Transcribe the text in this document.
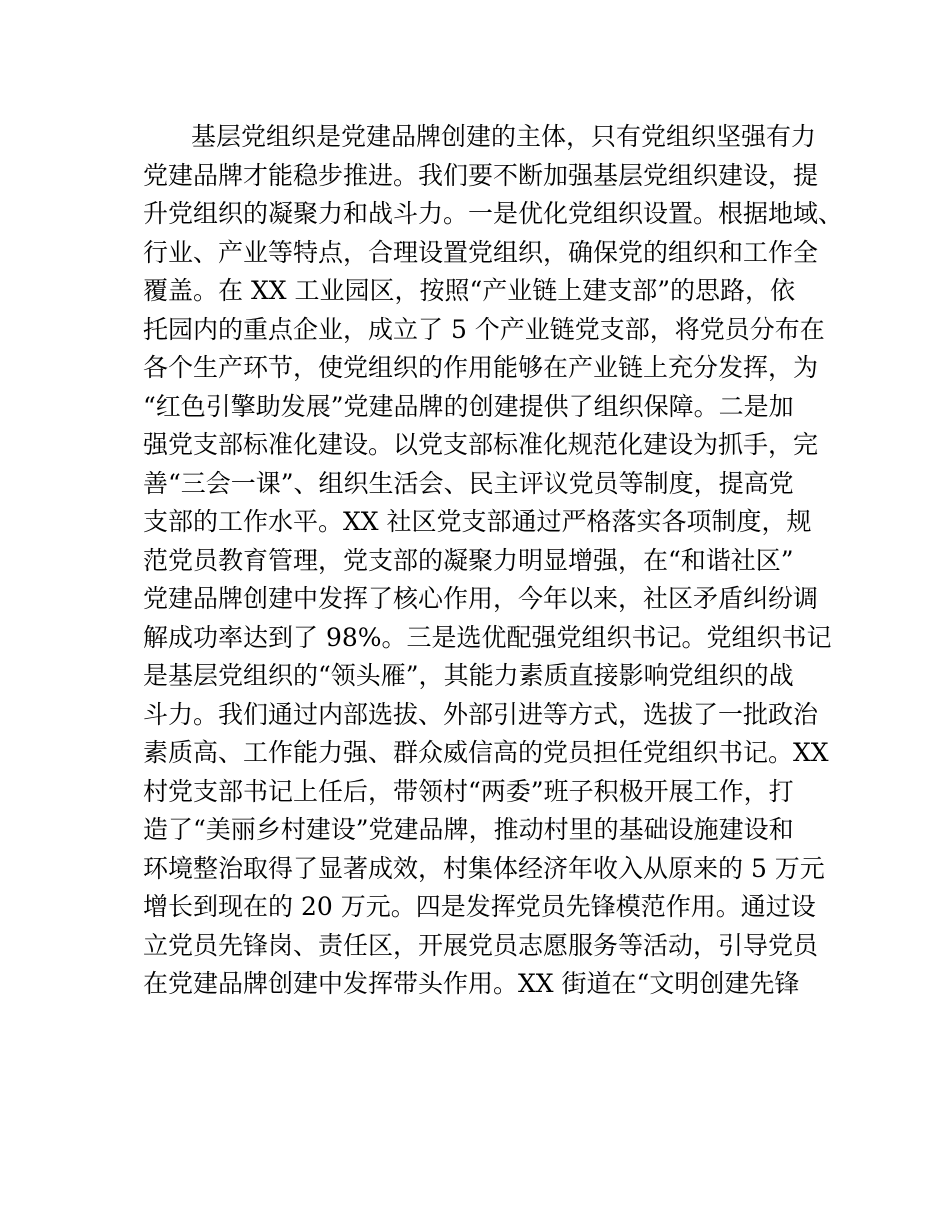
基层党组织是党建品牌创建的主体，只有党组织坚强有力
党建品牌才能稳步推进。我们要不断加强基层党组织建设，提
升党组织的凝聚力和战斗力。一是优化党组织设置。根据地域、
行业、产业等特点，合理设置党组织，确保党的组织和工作全
覆盖。在 XX 工业园区，按照“产业链上建支部”的思路，依
托园内的重点企业，成立了 5 个产业链党支部，将党员分布在
各个生产环节，使党组织的作用能够在产业链上充分发挥，为
“红色引擎助发展”党建品牌的创建提供了组织保障。二是加
强党支部标准化建设。以党支部标准化规范化建设为抓手，完
善“三会一课”、组织生活会、民主评议党员等制度，提高党
支部的工作水平。XX 社区党支部通过严格落实各项制度，规
范党员教育管理，党支部的凝聚力明显增强，在“和谐社区”
党建品牌创建中发挥了核心作用，今年以来，社区矛盾纠纷调
解成功率达到了 98%。三是选优配强党组织书记。党组织书记
是基层党组织的“领头雁”，其能力素质直接影响党组织的战
斗力。我们通过内部选拔、外部引进等方式，选拔了一批政治
素质高、工作能力强、群众威信高的党员担任党组织书记。XX
村党支部书记上任后，带领村“两委”班子积极开展工作，打
造了“美丽乡村建设”党建品牌，推动村里的基础设施建设和
环境整治取得了显著成效，村集体经济年收入从原来的 5 万元
增长到现在的 20 万元。四是发挥党员先锋模范作用。通过设
立党员先锋岗、责任区，开展党员志愿服务等活动，引导党员
在党建品牌创建中发挥带头作用。XX 街道在“文明创建先锋
